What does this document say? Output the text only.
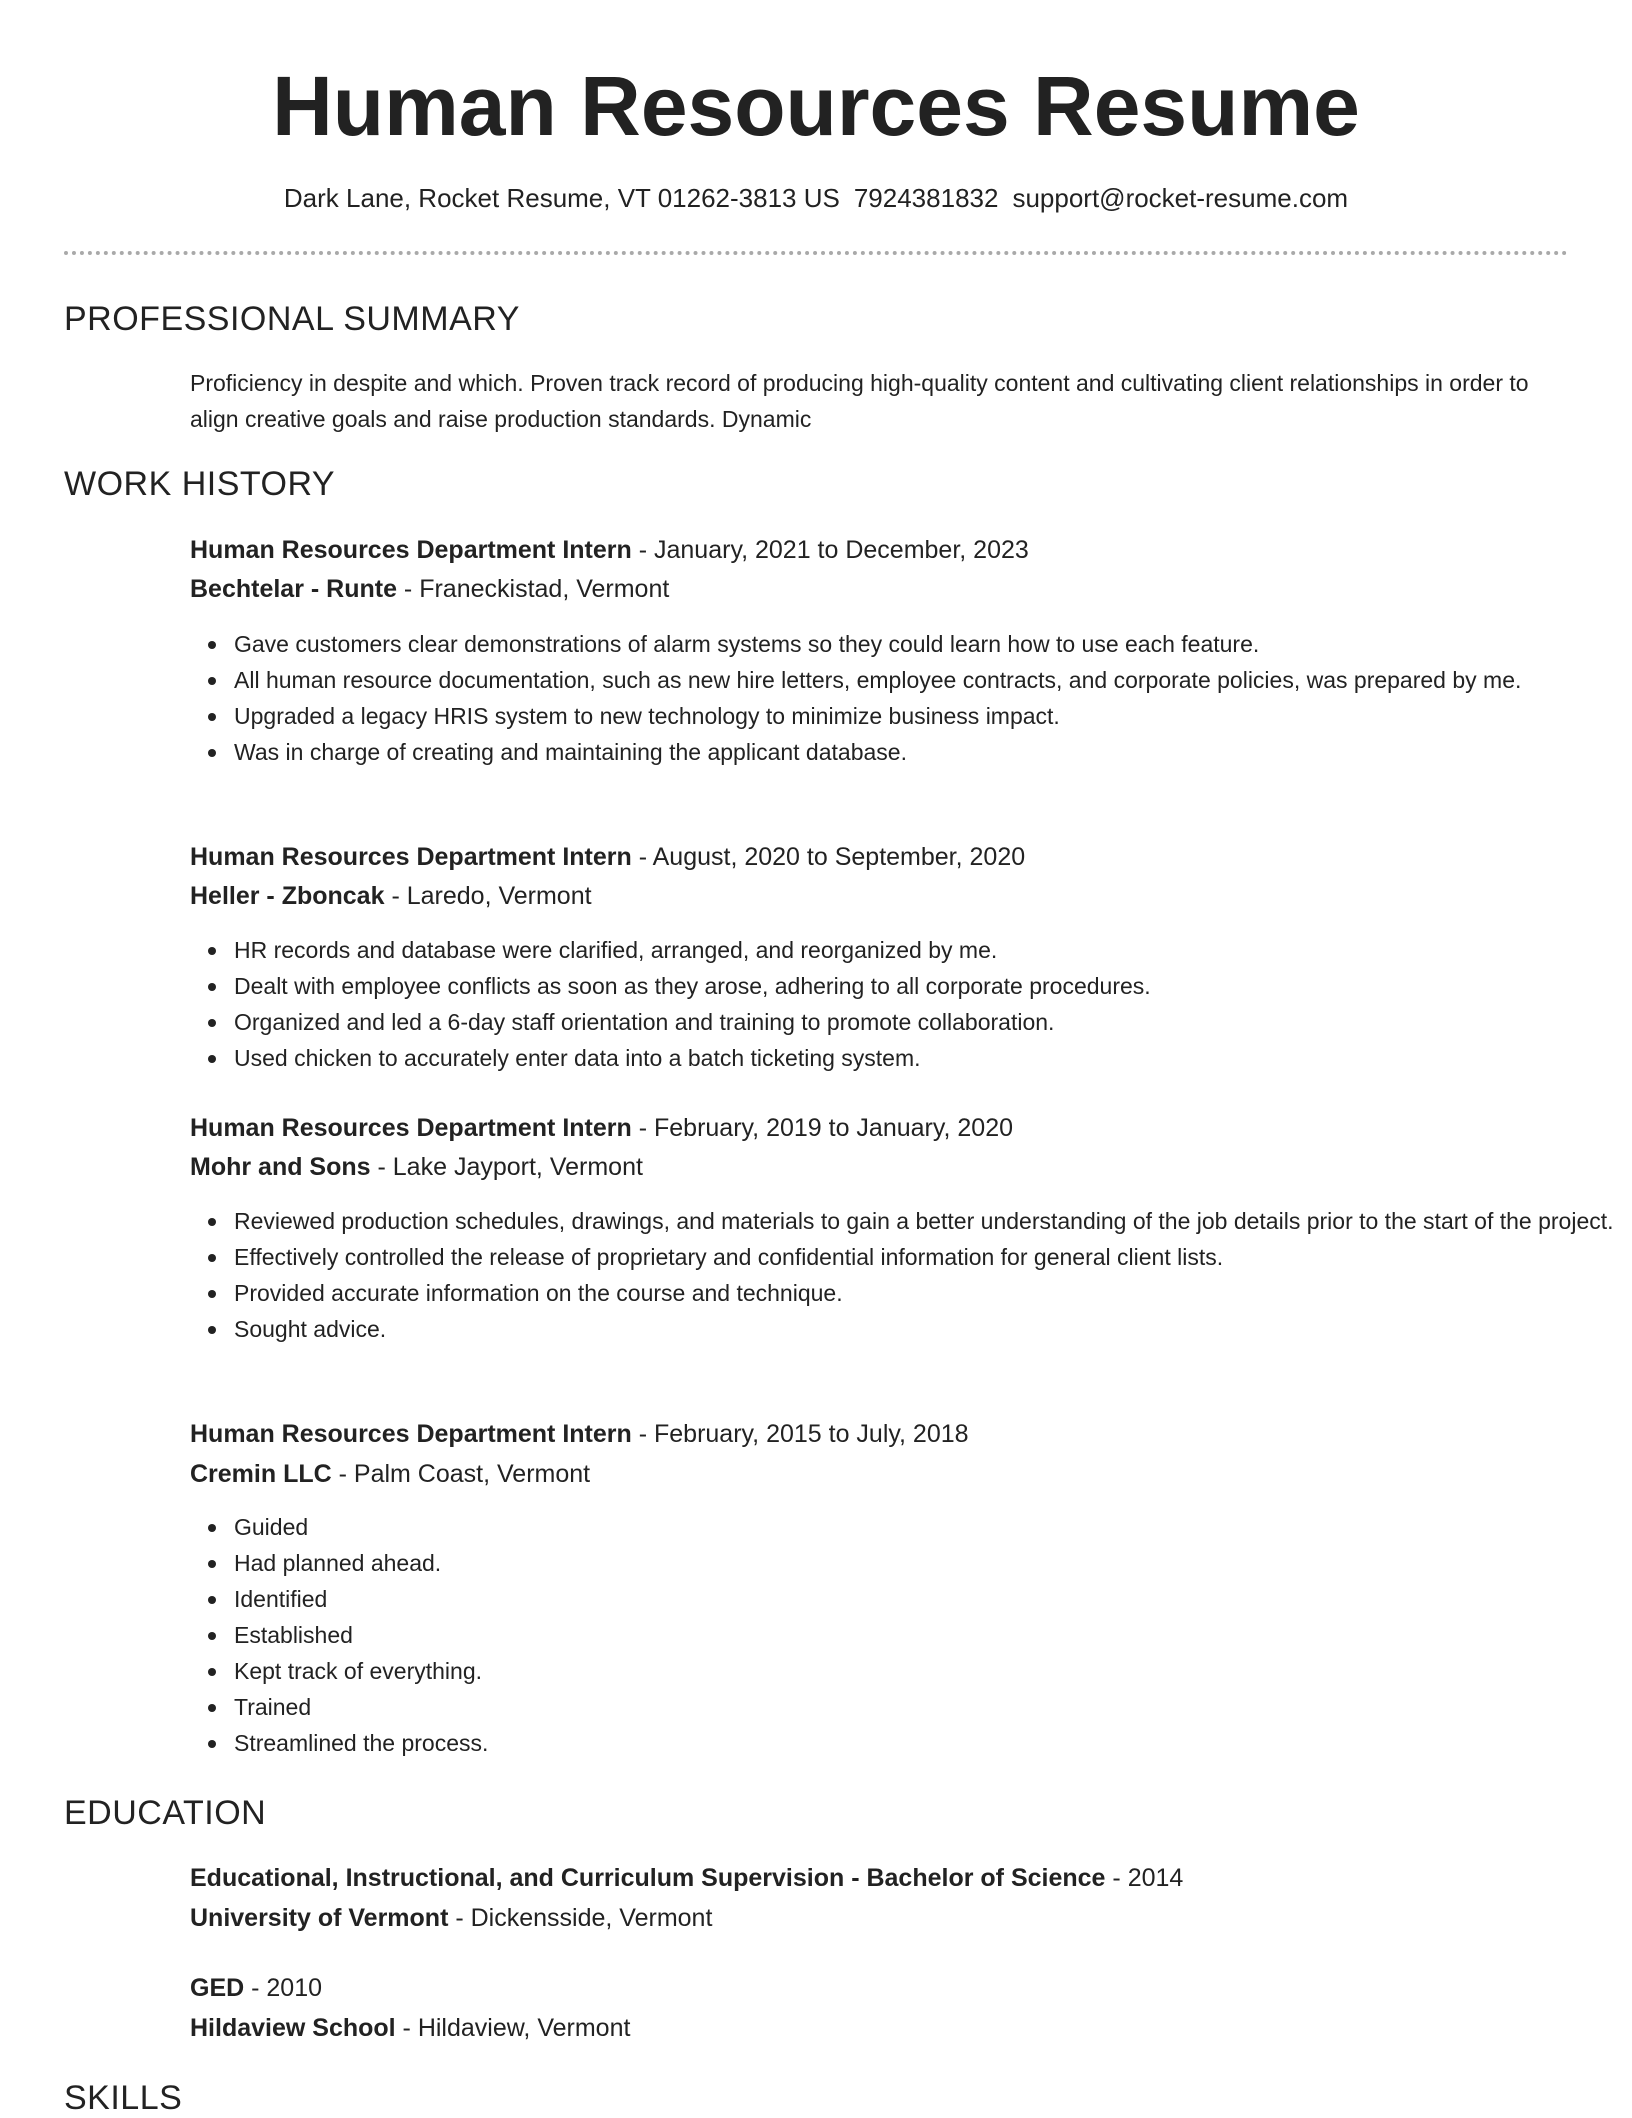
Human Resources Resume
Dark Lane, Rocket Resume, VT 01262-3813 US 7924381832 support@rocket-resume.com
PROFESSIONAL SUMMARY
Proficiency in despite and which. Proven track record of producing high-quality content and cultivating client relationships in order to align creative goals and raise production standards. Dynamic
WORK HISTORY
Human Resources Department Intern - January, 2021 to December, 2023
Bechtelar - Runte - Franeckistad, Vermont
Gave customers clear demonstrations of alarm systems so they could learn how to use each feature.
All human resource documentation, such as new hire letters, employee contracts, and corporate policies, was prepared by me.
Upgraded a legacy HRIS system to new technology to minimize business impact.
Was in charge of creating and maintaining the applicant database.
Human Resources Department Intern - August, 2020 to September, 2020
Heller - Zboncak - Laredo, Vermont
HR records and database were clarified, arranged, and reorganized by me.
Dealt with employee conflicts as soon as they arose, adhering to all corporate procedures.
Organized and led a 6-day staff orientation and training to promote collaboration.
Used chicken to accurately enter data into a batch ticketing system.
Human Resources Department Intern - February, 2019 to January, 2020
Mohr and Sons - Lake Jayport, Vermont
Reviewed production schedules, drawings, and materials to gain a better understanding of the job details prior to the start of the project.
Effectively controlled the release of proprietary and confidential information for general client lists.
Provided accurate information on the course and technique.
Sought advice.
Human Resources Department Intern - February, 2015 to July, 2018
Cremin LLC - Palm Coast, Vermont
Guided
Had planned ahead.
Identified
Established
Kept track of everything.
Trained
Streamlined the process.
EDUCATION
Educational, Instructional, and Curriculum Supervision - Bachelor of Science - 2014
University of Vermont - Dickensside, Vermont
GED - 2010
Hildaview School - Hildaview, Vermont
SKILLS
